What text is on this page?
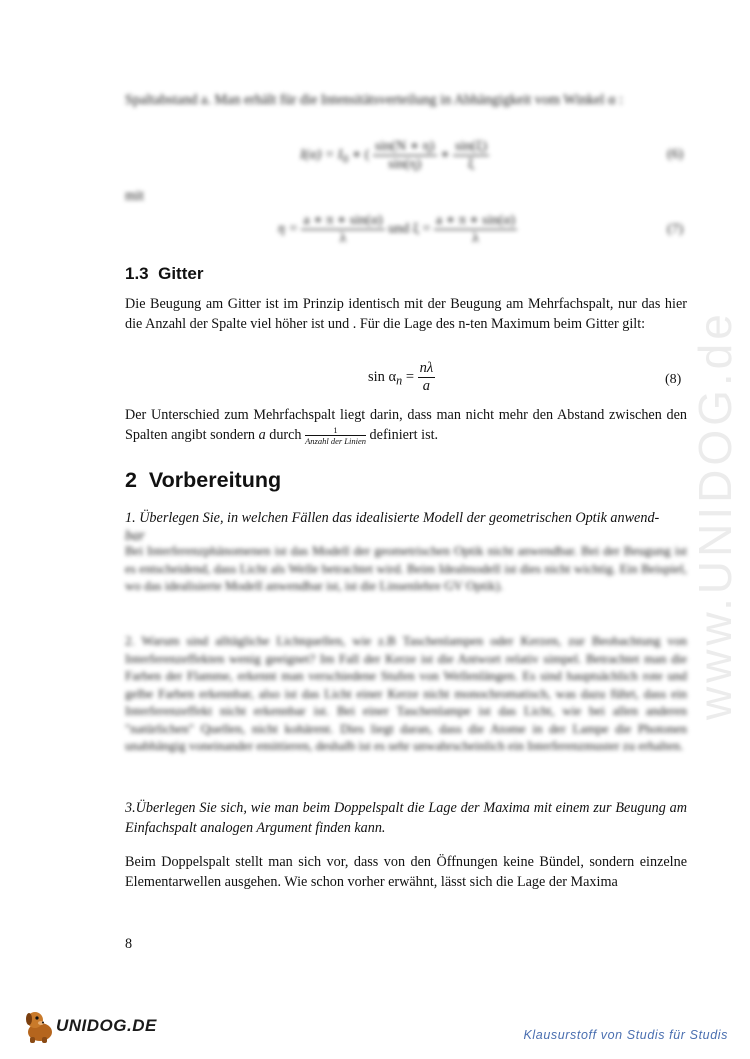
www.UNIDOG.de
Spaltabstand a. Man erhält für die Intensitätsverteilung in Abhängigkeit vom Winkel α :
$I(\alpha) = I_0$ ∗ ( $\frac{\sin(N ∗ \eta)}{\sin(\eta)}$ ∗ $\frac{\sin(\xi)}{\xi}$	(6)
mit
$\eta = \frac{a ∗ \pi ∗ \sin(\alpha)}{\lambda}$ und $\xi = \frac{a ∗ \pi ∗ \sin(\alpha)}{\lambda}$	(7)
1.3 Gitter
Die Beugung am Gitter ist im Prinzip identisch mit der Beugung am Mehrfachspalt, nur das hier die Anzahl der Spalte viel höher ist und . Für die Lage des n-ten Maximum beim Gitter gilt:
$\sin \alpha_n = \frac{n\lambda}{a}$	(8)
Der Unterschied zum Mehrfachspalt liegt darin, dass man nicht mehr den Abstand zwischen den Spalten angibt sondern a durch $\frac{1}{\text{Anzahl der Linien}}$ definiert ist.
2 Vorbereitung
1. Überlegen Sie, in welchen Fällen das idealisierte Modell der geometrischen Optik anwend-
bar
Bei Interferenzphänomenen ist das Modell der geometrischen Optik nicht anwendbar. Bei der Beugung ist es entscheidend, dass Licht als Welle betrachtet wird. Beim Idealmodell ist dies nicht wichtig. Ein Beispiel, wo das idealisierte Modell anwendbar ist, ist die Linsenlehre GV Optik).
2. Warum sind alltägliche Lichtquellen, wie z.B Taschenlampen oder Kerzen, zur Beobachtung von Interferenzeffekten wenig geeignet? Im Fall der Kerze ist die Antwort relativ simpel. Betrachtet man die Farben der Flamme, erkennt man verschiedene Stufen von Wellenlängen. Es sind hauptsächlich rote und gelbe Farben erkennbar, also ist das Licht einer Kerze nicht monochromatisch, was dazu führt, dass ein Interferenzeffekt nicht erkennbar ist. Bei einer Taschenlampe ist das Licht, wie bei allen anderen "natürlichen" Quellen, nicht kohärent. Dies liegt daran, dass die Atome in der Lampe die Photonen unabhängig voneinander emittieren, deshalb ist es sehr unwahrscheinlich ein Interferenzmuster zu erhalten.
3.Überlegen Sie sich, wie man beim Doppelspalt die Lage der Maxima mit einem zur Beugung am Einfachspalt analogen Argument finden kann.
Beim Doppelspalt stellt man sich vor, dass von den Öffnungen keine Bündel, sondern einzelne Elementarwellen ausgehen. Wie schon vorher erwähnt, lässt sich die Lage der Maxima
8
UNIDOG.DE	Klausurstoff von Studis für Studis
